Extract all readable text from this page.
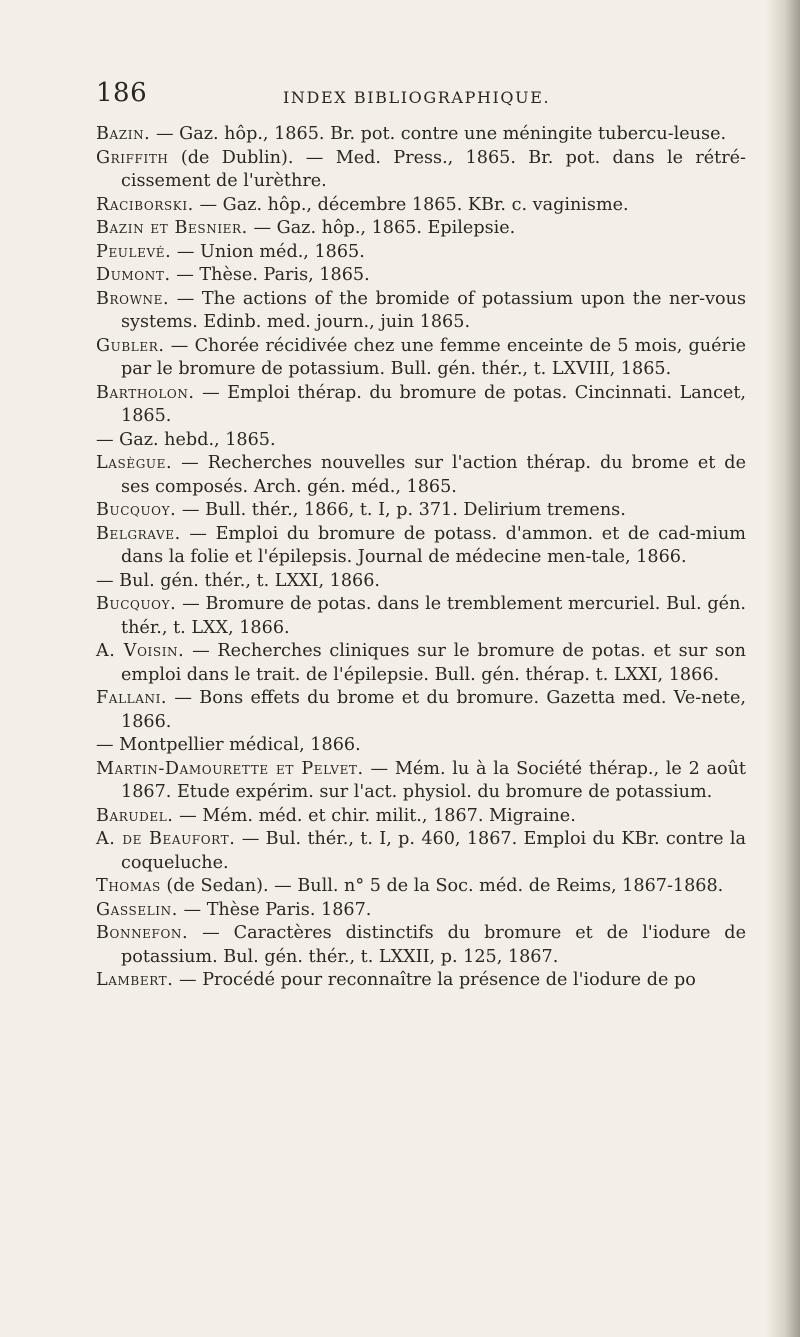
186	INDEX BIBLIOGRAPHIQUE.

Bazin. — Gaz. hôp., 1865. Br. pot. contre une méningite tubercu-leuse.

Griffith (de Dublin). — Med. Press., 1865. Br. pot. dans le rétré-cissement de l'urèthre.

Raciborski. — Gaz. hôp., décembre 1865. KBr. c. vaginisme.

Bazin et Besnier. — Gaz. hôp., 1865. Epilepsie.

Peulevé. — Union méd., 1865.

Dumont. — Thèse. Paris, 1865.

Browne. — The actions of the bromide of potassium upon the ner-vous systems. Edinb. med. journ., juin 1865.

Gubler. — Chorée récidivée chez une femme enceinte de 5 mois, guérie par le bromure de potassium. Bull. gén. thér., t. LXVIII, 1865.

Bartholon. — Emploi thérap. du bromure de potas. Cincinnati. Lancet, 1865.

— Gaz. hebd., 1865.

Lasègue. — Recherches nouvelles sur l'action thérap. du brome et de ses composés. Arch. gén. méd., 1865.

Bucquoy. — Bull. thér., 1866, t. I, p. 371. Delirium tremens.

Belgrave. — Emploi du bromure de potass. d'ammon. et de cad-mium dans la folie et l'épilepsis. Journal de médecine men-tale, 1866.

— Bul. gén. thér., t. LXXI, 1866.

Bucquoy. — Bromure de potas. dans le tremblement mercuriel. Bul. gén. thér., t. LXX, 1866.

A. Voisin. — Recherches cliniques sur le bromure de potas. et sur son emploi dans le trait. de l'épilepsie. Bull. gén. thérap. t. LXXI, 1866.

Fallani. — Bons effets du brome et du bromure. Gazetta med. Ve-nete, 1866.

— Montpellier médical, 1866.

Martin-Damourette et Pelvet. — Mém. lu à la Société thérap., le 2 août 1867. Etude expérim. sur l'act. physiol. du bromure de potassium.

Barudel. — Mém. méd. et chir. milit., 1867. Migraine.

A. de Beaufort. — Bul. thér., t. I, p. 460, 1867. Emploi du KBr. contre la coqueluche.

Thomas (de Sedan). — Bull. n° 5 de la Soc. méd. de Reims, 1867-1868.

Gasselin. — Thèse Paris. 1867.

Bonnefon. — Caractères distinctifs du bromure et de l'iodure de potassium. Bul. gén. thér., t. LXXII, p. 125, 1867.

Lambert. — Procédé pour reconnaître la présence de l'iodure de po
